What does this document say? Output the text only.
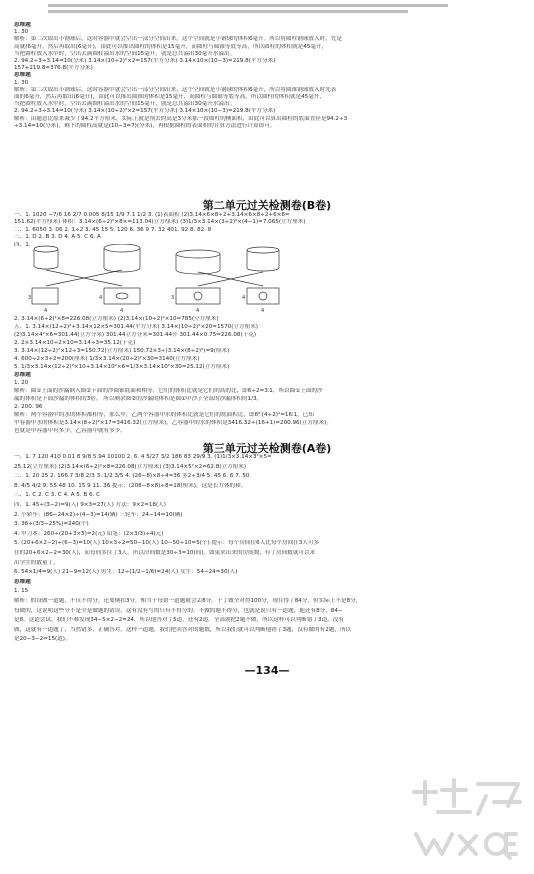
思维题
1. 30
解析：第二次取出小钢球后，这时容器中就会空出一部分空间出来，这个空间就是小钢球的体积6毫升。所以将圆柱钢球放入时，先是
高就(6毫升，然后再取出(6毫升)，由此可以推出圆柱的体积是15毫升，而圆柱与圆锥等底等高，所以圆柱的体积就是45毫升，
当把圆柱放入水中时，空出去满圆柱溢出水的空间15毫升，就是总共溢出30毫升水溢出。
2. 94.2÷3÷3.14=10(分米) 3.14×(10÷2)²×2=157(平方分米) 3.14×10×(10−3)=219.8(平方分米)
157+219.8=376.8(平方分米)
思维题
1. 30
解析：第二次取出小钢球后，这时容器中就会空出一部分空间出来，这个空间就是小钢球的体积6毫升，所以将圆锥钢球放入时先表
面的6毫升，然后再取出(6毫升)，由此可以推出圆锥的体积是15毫升，而圆柱与圆锥等底等高，所以圆柱的体积就是45毫升，
当把圆柱放入水中时，空出去满圆柱溢出水的空间15毫升，就是总共溢出30毫升水溢出。
2. 94.2÷3÷3.14=10(分米) 3.14×(10÷2)²×2=157(平方分米) 3.14×10×(10−3)=219.8(平方分米)
解析：由题意比原来减少了94.2平方厘米，实际上就是削去的高是3分米那一段圆柱的侧面积，由此可以算出圆柱的底面直径是94.2÷3
÷3.14=10(分米)，剩下的圆柱高就是(10−3=7)(分米)，再根据圆柱的表面积的计算方法进行计算即可。
第二单元过关检测卷(B卷)
一、1. 1020 −7/6 16 2/7 0.005 8/15 1/9 7.1 1/2 3. (1)表面积 (2)3.14×6×8÷2+3.14×6×8÷2+6×8=
151.62(平方厘米) 体积：3.14×(6÷2)²×8×=113.04(立方厘米) (3)1/3×3.14×(3÷2)²×(4−1)=7.065(立方厘米)
二、1. 6050 3. 06 2. 1÷2 3. 45 15 5. 120 6. 36 9 7. 32 401. 92 8. 82. 8
三、1. D 2. B 3. D 4. A 5. C 6. A
四、1.
4	4	4	4
3	4	3	4
2. 3.14×(6÷2)²×8=226.08(立方厘米) (2)3.14×(10÷2)²×10=785(立方厘米)
五、1. 3.14×(12÷2)²+3.14×12×5=301.44(平方分米) 3.14×(10÷2)²×20=1570(立方厘米)
(2)3.14×4²×6=301.44(立方分米) 301.44立方分米=301.44升 301.44×0.75=226.08(千克)
2. 2×3.14×10÷2×10=3.14÷3=35.12(千克)
3. 3.14×(12÷2)²×12÷3=150.72(立方厘米) 150.72×3÷(3.14×(8÷2)²)=9(厘米)
4. 600÷2×3÷2=200(厘米) 1/3×3.14×(20÷2)²×30=3140(立方厘米)
5. 1/3×3.14×(12÷2)²×10+3.14×10²×6=1/3×3.14×10²×30=25.12(立方厘米)
思维题
1. 20
解析：圆①上面的沙漏倒入圆②下面的沙圆锥底面和相等，它们的体积比就是它们的高的比，即6÷2=3∶1，所以圆①上面的沙
漏的体积是下面沙漏的体积的3倍。 所以剩余圆②的沙漏的体积是圆①中沙子全部的沙漏体积的1/3。
2. 200. 96
解析：两个容器中的水的体积都相等，那么甲，乙两个容器中水的体积比就是它们的底面积比，即8²∶(4÷2)²=16∶1，已知
甲容器中水的体积是3.14×(8÷2)²×17=3416.32(立方厘米)，乙容器中的水的体积是3416.32÷(16+1)=200.96(立方厘米)。
也就是甲容器中有多少，乙容器中就有多少。
第三单元过关检测卷(A卷)
一、1. 7 120 410 0.01 8 9/8 5.94 10100 2. 6. 4 5/27 3/2 186 83 29/9 3. (1)1/3×3.14×3²×5=
25.12(立方厘米) (2)3.14×(6÷2)²×8=226.08(立方厘米) (3)3.14×5²×2=62.8(立方厘米)
二、1. 20 25 2. 166.7 3/8 2/3 3. 1/2 3/5 4. (26−8)×8÷4=36 多2÷3/4 5. 45 6. 6 7. 50
8. 4/5 4/2 9. 55 48 10. 15 9 11. 36 提示：(208−8×8)÷8=18(厘米)，这是长方体的和。
三、1. C 2. C 3. C 4. A 5. B 6. C
四、1. 45÷(3−2)=9(人) 9×3=27(人) 方法：9×2=18(人)
2. 小轿车：(86−24×2)÷(4−3)=14(辆) 三轮车：24−14=10(辆)
3. 36÷(3/3−25%)=240(个)
4. 甲刀本：260÷(20+3×5)=2(元) 铅笔：(2×3/3)÷4(元)
5. (20+6×2−2)÷(6−3)=10(人) 10×3÷2=50−10(人) 10−50÷10=5(个) 提示：每个房间住6人比每个房间住3人可多
住的20+6×2−2=30(人)，而每间多住了3人，所以房间数是30÷3=10(间)，如果求出来的房间数，有了房间数就可以求
出学生的数量了。
6. 54×1/4=9(人) 21−9=12(人) 男生：12÷(1/2−1/6)=24(人) 女生：54−24=30(人)
思维题
1. 15
解析：假设做一道题，不仅不得分，还要倒扣3分，相当于每错一道题就会丢8分。于了做全对得100分，现在得了84分，但实际上不是8分，
每做的，这说明这些分不是全是做题的错误，这有没有写的只有不得分的。不做的题不得分，也就是说只有一道题，他还有8分，84−
是8。这道尝试，我们不难发现34−5×2−2=24，所以他答对了5道，还有2道。全部就把2题不做，所以这样可以判断错了3道，没有
做，这就有一道题了，当然错多，正确答对，这样一道题，我们把回答对的题数，所以我们就可以判断他错了3题，没有做的有2题，所以
是20−3−2=15(道)。
—134—
